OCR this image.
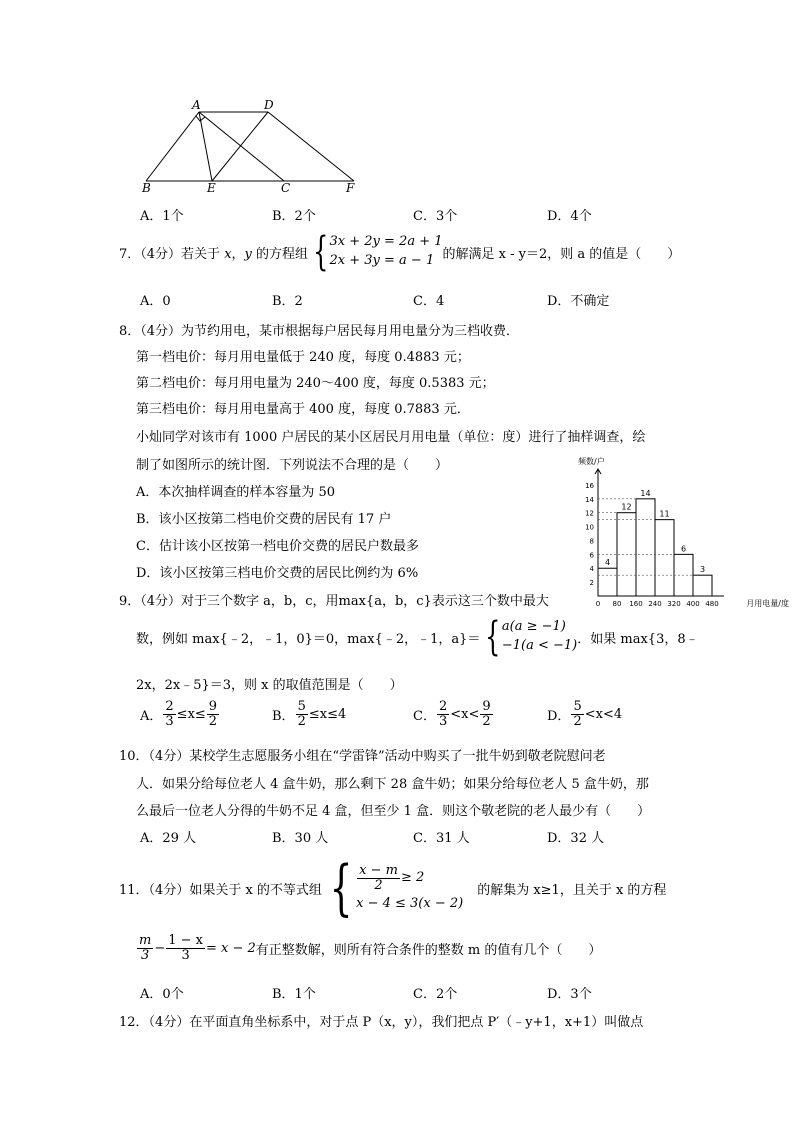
A	D
B	E	C	F
A．1个	B．2个	C．3个	D．4个
7．（4分）若关于 x，y 的方程组 { 3x + 2y = 2a + 1
2x + 3y = a − 1 的解满足 x - y＝2，则 a 的值是（　　）
A．0	B．2	C．4	D．不确定
8．（4分）为节约用电，某市根据每户居民每月用电量分为三档收费．
第一档电价：每月用电量低于 240 度，每度 0.4883 元；
第二档电价：每月用电量为 240～400 度，每度 0.5383 元；
第三档电价：每月用电量高于 400 度，每度 0.7883 元．
小灿同学对该市有 1000 户居民的某小区居民月用电量（单位：度）进行了抽样调查，绘
制了如图所示的统计图．下列说法不合理的是（　　）
A．本次抽样调查的样本容量为 50
B．该小区按第二档电价交费的居民有 17 户
C．估计该小区按第一档电价交费的居民户数最多
D．该小区按第三档电价交费的居民比例约为 6%
2
4
6
8
10
12
14
16
4
12
14
11
6
3
0 80 160 240 320 400 480
频数/户
月用电量/度
9．（4分）对于三个数字 a，b，c，用max{a，b，c}表示这三个数中最大
数，例如 max{﹣2，﹣1，0}＝0，max{﹣2，﹣1，a}＝ { a(a ≥ −1)
−1(a < −1) ．如果 max{3，8﹣
2x，2x﹣5}＝3，则 x 的取值范围是（　　）
A． $\frac{2}{3} \le x\le \frac{9}{2}$	B． $\frac{5}{2} \le x\le 4$	C． $\frac{2}{3} <x< \frac{9}{2}$	D． $\frac{5}{2} <x<4$
10．（4分）某校学生志愿服务小组在“学雷锋”活动中购买了一批牛奶到敬老院慰问老
人．如果分给每位老人 4 盒牛奶，那么剩下 28 盒牛奶；如果分给每位老人 5 盒牛奶，那
么最后一位老人分得的牛奶不足 4 盒，但至少 1 盒．则这个敬老院的老人最少有（　　）
A．29 人	B．30 人	C．31 人	D．32 人
11．（4分）如果关于 x 的不等式组 { $\frac{x - m}{2} \ge 2$
x − 4 ≤ 3(x − 2)
的解集为 x≥1，且关于 x 的方程
$\frac{m}{3} - \frac{1 - x}{3} = x - 2$ 有正整数解，则所有符合条件的整数 m 的值有几个（　　）
A．0个	B．1个	C．2个	D．3个
12．（4分）在平面直角坐标系中，对于点 P（x，y），我们把点 P′（﹣y+1，x+1）叫做点
